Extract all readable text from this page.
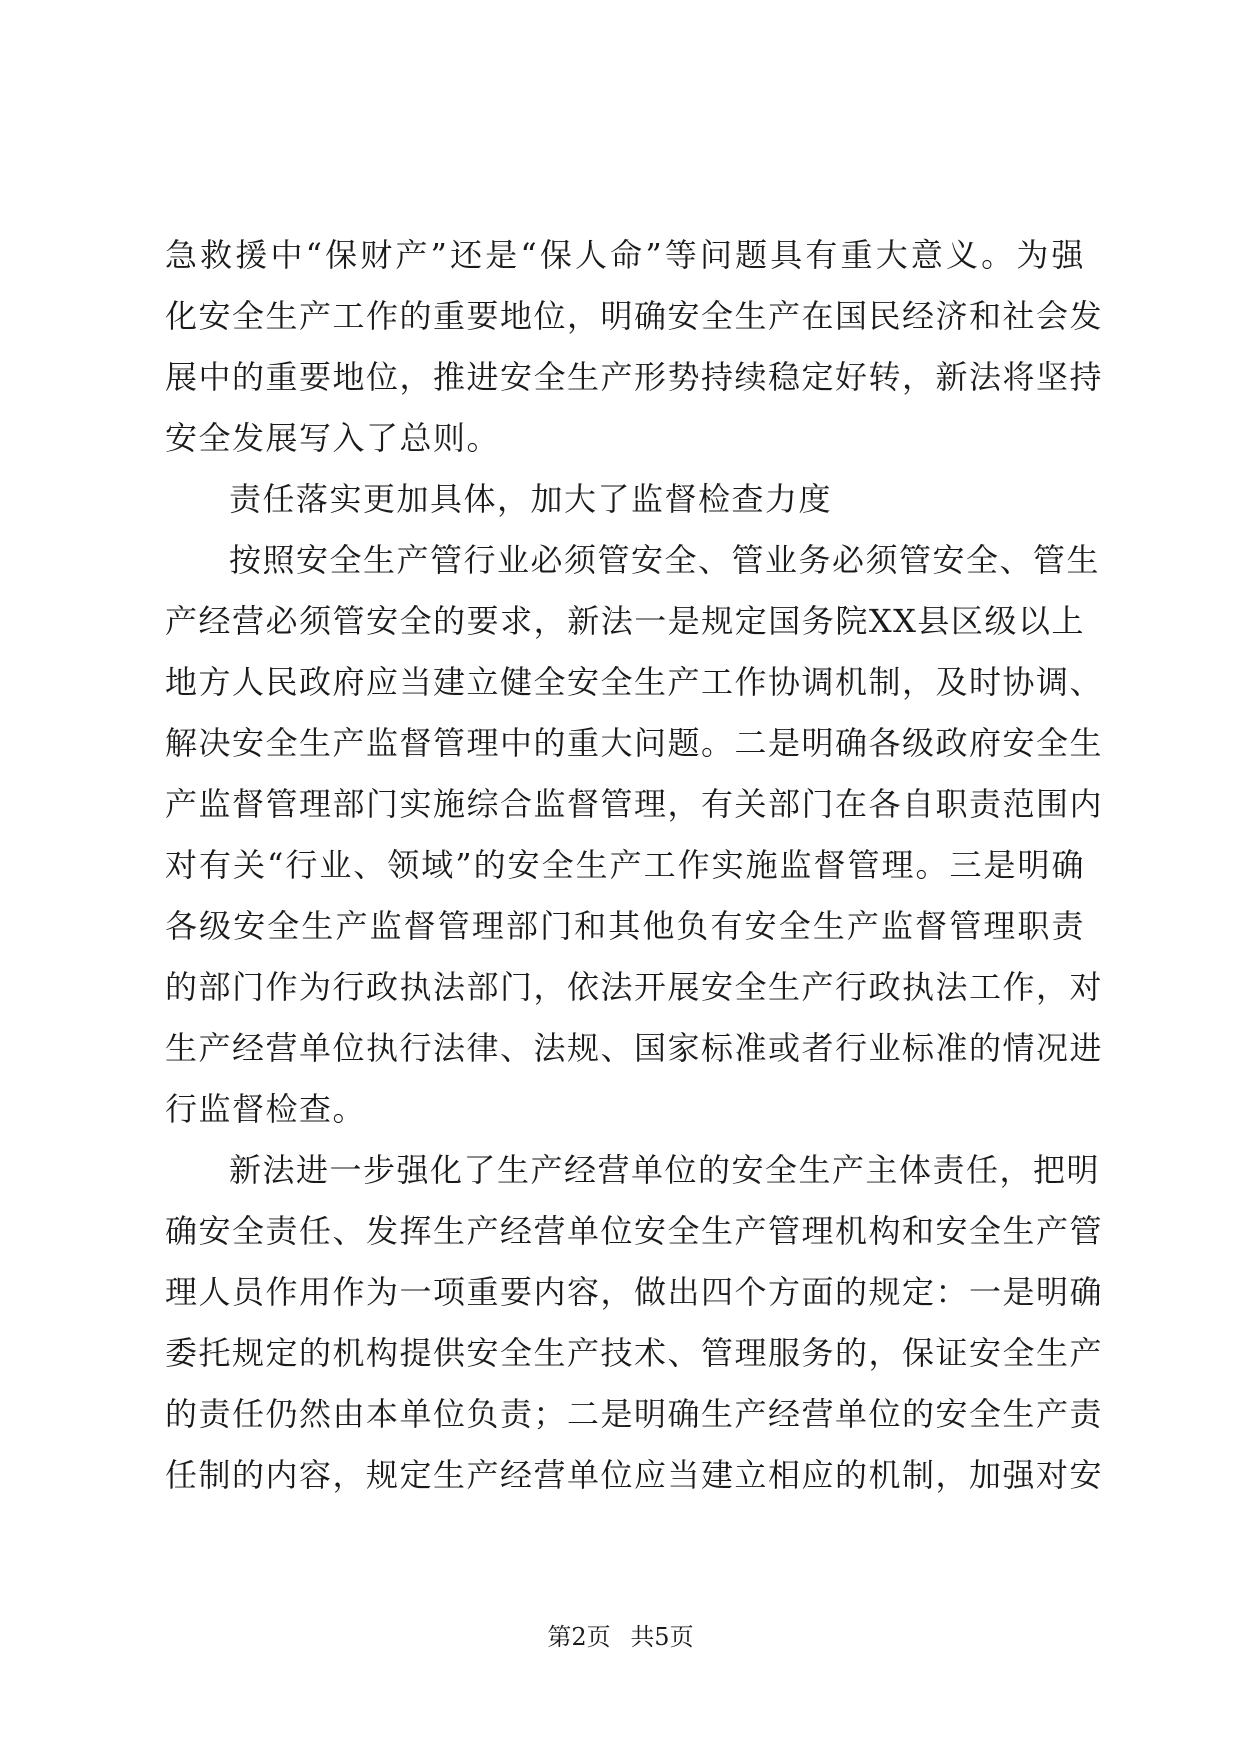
急救援中“保财产”还是“保人命”等问题具有重大意义。为强
化安全生产工作的重要地位，明确安全生产在国民经济和社会发
展中的重要地位，推进安全生产形势持续稳定好转，新法将坚持
安全发展写入了总则。
责任落实更加具体，加大了监督检查力度
按照安全生产管行业必须管安全、管业务必须管安全、管生
产经营必须管安全的要求，新法一是规定国务院XX县区级以上
地方人民政府应当建立健全安全生产工作协调机制，及时协调、
解决安全生产监督管理中的重大问题。二是明确各级政府安全生
产监督管理部门实施综合监督管理，有关部门在各自职责范围内
对有关“行业、领域”的安全生产工作实施监督管理。三是明确
各级安全生产监督管理部门和其他负有安全生产监督管理职责
的部门作为行政执法部门，依法开展安全生产行政执法工作，对
生产经营单位执行法律、法规、国家标准或者行业标准的情况进
行监督检查。
新法进一步强化了生产经营单位的安全生产主体责任，把明
确安全责任、发挥生产经营单位安全生产管理机构和安全生产管
理人员作用作为一项重要内容，做出四个方面的规定：一是明确
委托规定的机构提供安全生产技术、管理服务的，保证安全生产
的责任仍然由本单位负责；二是明确生产经营单位的安全生产责
任制的内容，规定生产经营单位应当建立相应的机制，加强对安
第2页 共5页
